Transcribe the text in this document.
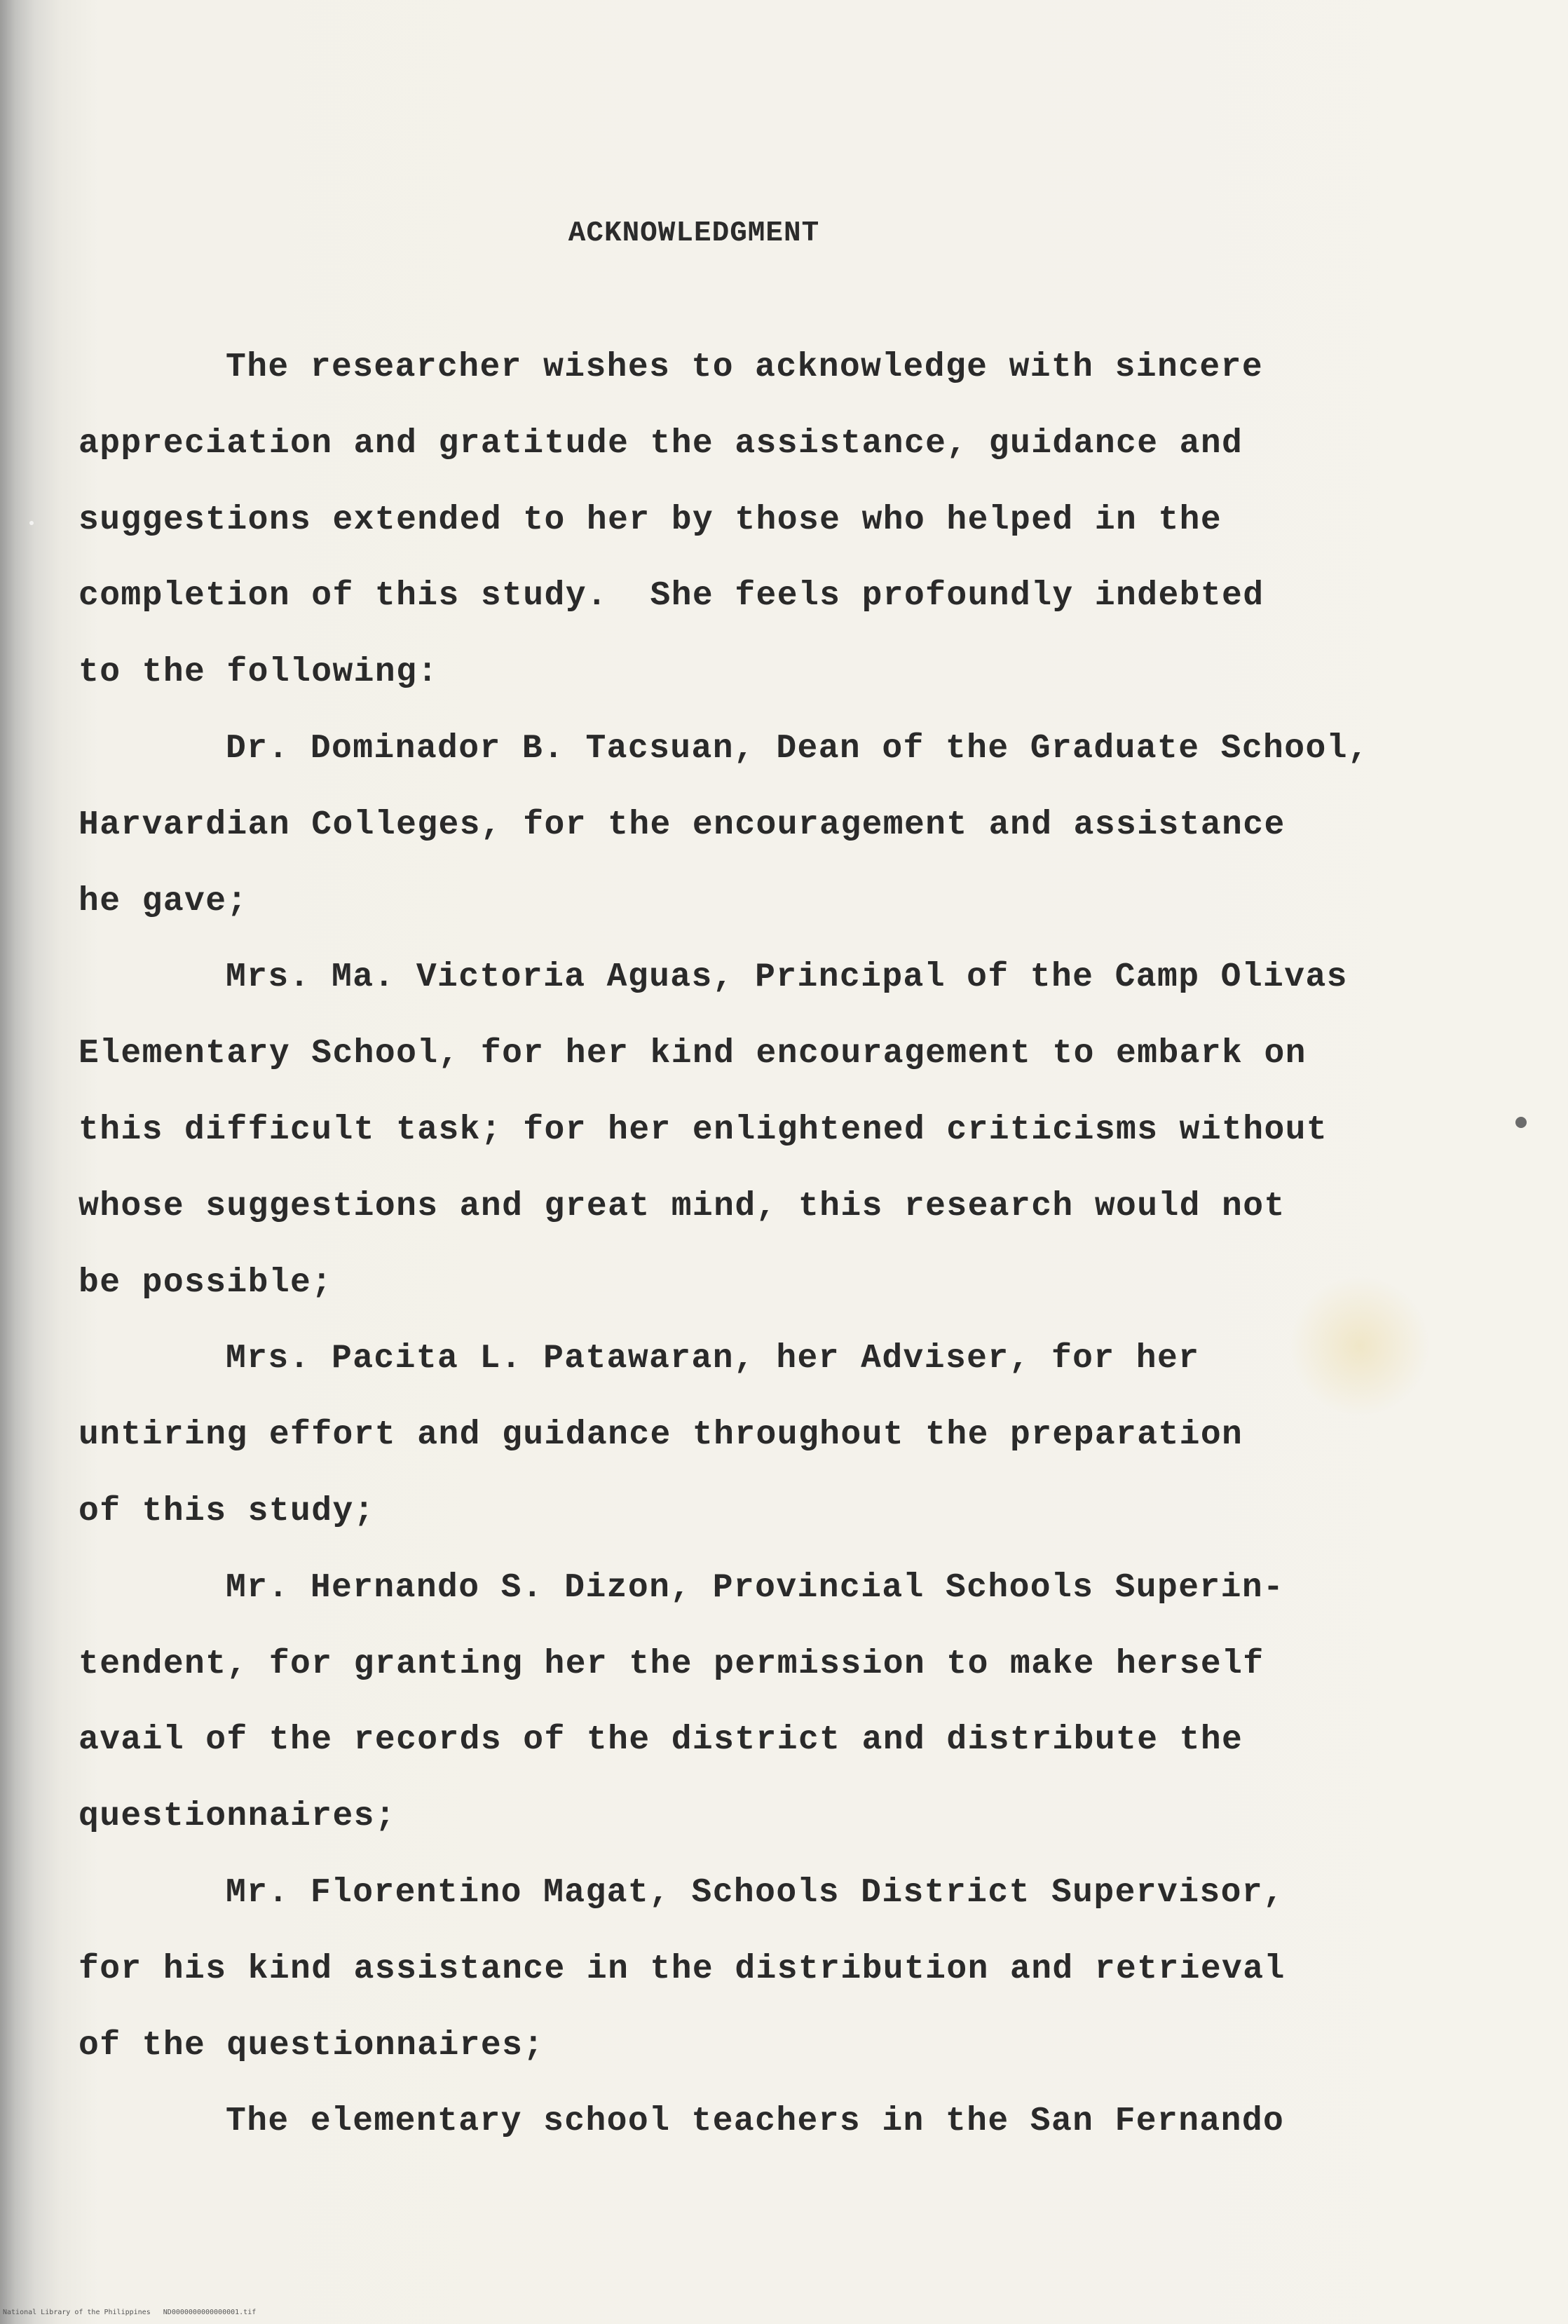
ACKNOWLEDGMENT
The researcher wishes to acknowledge with sincere
appreciation and gratitude the assistance, guidance and
suggestions extended to her by those who helped in the
completion of this study.  She feels profoundly indebted
to the following:
Dr. Dominador B. Tacsuan, Dean of the Graduate School,
Harvardian Colleges, for the encouragement and assistance
he gave;
Mrs. Ma. Victoria Aguas, Principal of the Camp Olivas
Elementary School, for her kind encouragement to embark on
this difficult task; for her enlightened criticisms without
whose suggestions and great mind, this research would not
be possible;
Mrs. Pacita L. Patawaran, her Adviser, for her
untiring effort and guidance throughout the preparation
of this study;
Mr. Hernando S. Dizon, Provincial Schools Superin-
tendent, for granting her the permission to make herself
avail of the records of the district and distribute the
questionnaires;
Mr. Florentino Magat, Schools District Supervisor,
for his kind assistance in the distribution and retrieval
of the questionnaires;
The elementary school teachers in the San Fernando
National Library of the Philippines   ND0000000000000001.tif
